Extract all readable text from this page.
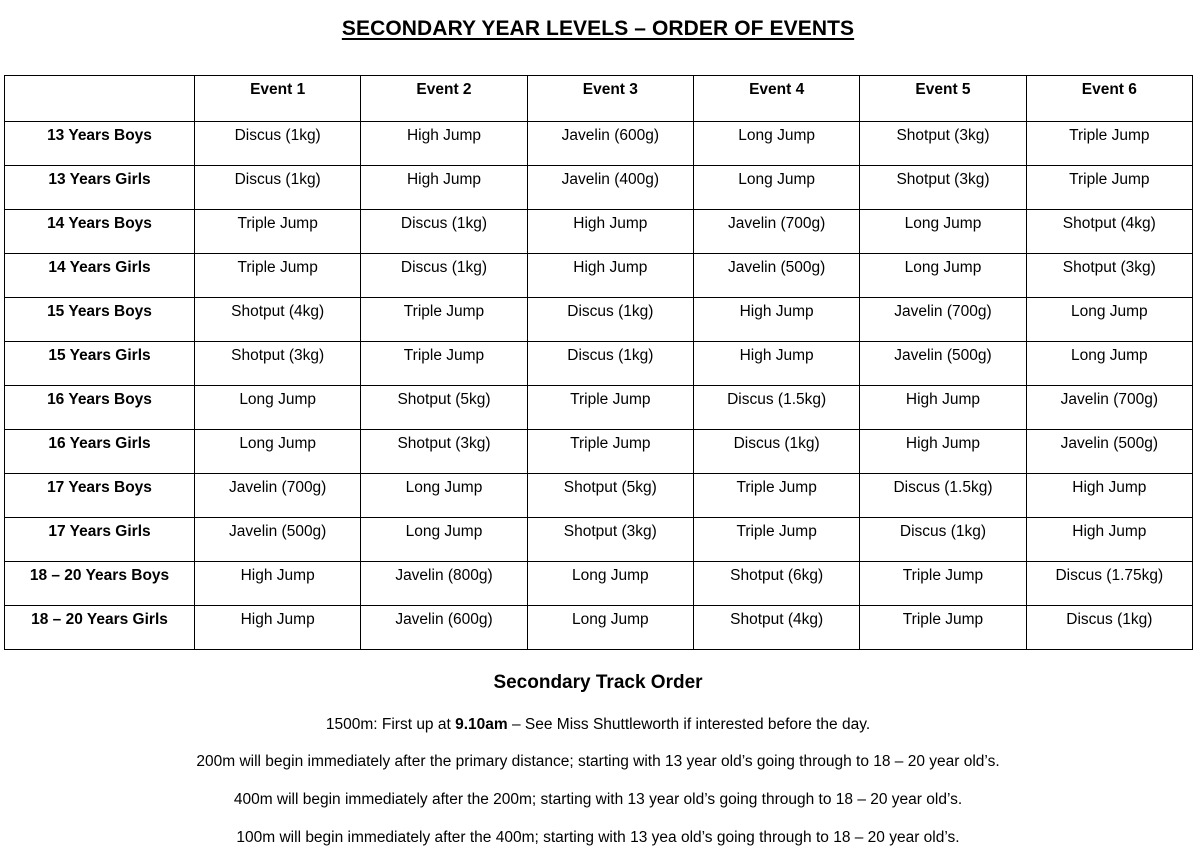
SECONDARY YEAR LEVELS – ORDER OF EVENTS
	Event 1	Event 2	Event 3	Event 4	Event 5	Event 6
13 Years Boys	Discus (1kg)	High Jump	Javelin (600g)	Long Jump	Shotput (3kg)	Triple Jump
13 Years Girls	Discus (1kg)	High Jump	Javelin (400g)	Long Jump	Shotput (3kg)	Triple Jump
14 Years Boys	Triple Jump	Discus (1kg)	High Jump	Javelin (700g)	Long Jump	Shotput (4kg)
14 Years Girls	Triple Jump	Discus (1kg)	High Jump	Javelin (500g)	Long Jump	Shotput (3kg)
15 Years Boys	Shotput (4kg)	Triple Jump	Discus (1kg)	High Jump	Javelin (700g)	Long Jump
15 Years Girls	Shotput (3kg)	Triple Jump	Discus (1kg)	High Jump	Javelin (500g)	Long Jump
16 Years Boys	Long Jump	Shotput (5kg)	Triple Jump	Discus (1.5kg)	High Jump	Javelin (700g)
16 Years Girls	Long Jump	Shotput (3kg)	Triple Jump	Discus (1kg)	High Jump	Javelin (500g)
17 Years Boys	Javelin (700g)	Long Jump	Shotput (5kg)	Triple Jump	Discus (1.5kg)	High Jump
17 Years Girls	Javelin (500g)	Long Jump	Shotput (3kg)	Triple Jump	Discus (1kg)	High Jump
18 – 20 Years Boys	High Jump	Javelin (800g)	Long Jump	Shotput (6kg)	Triple Jump	Discus (1.75kg)
18 – 20 Years Girls	High Jump	Javelin (600g)	Long Jump	Shotput (4kg)	Triple Jump	Discus (1kg)
Secondary Track Order
1500m: First up at 9.10am – See Miss Shuttleworth if interested before the day.
200m will begin immediately after the primary distance; starting with 13 year old’s going through to 18 – 20 year old’s.
400m will begin immediately after the 200m; starting with 13 year old’s going through to 18 – 20 year old’s.
100m will begin immediately after the 400m; starting with 13 yea old’s going through to 18 – 20 year old’s.
